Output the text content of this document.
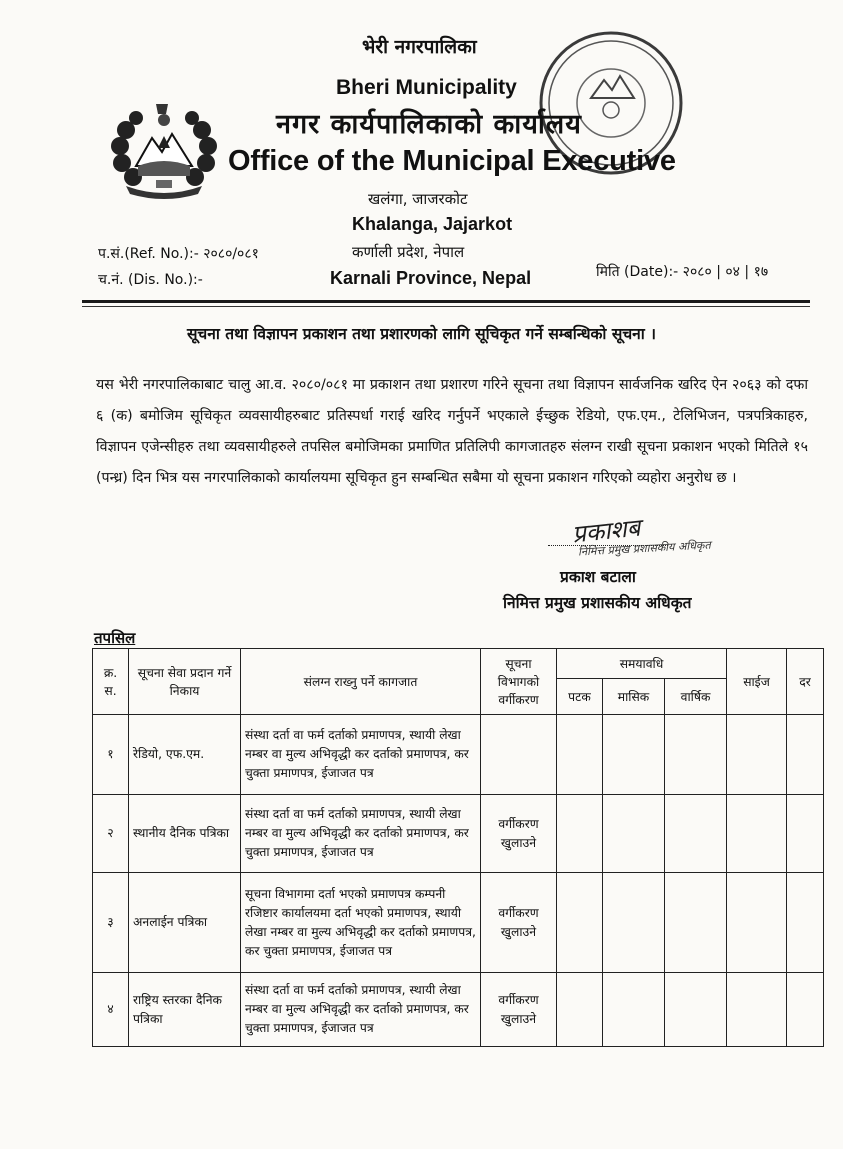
भेरी नगरपालिका
Bheri Municipality
नगर कार्यपालिकाको कार्यालय
Office of the Municipal Executive
खलंगा, जाजरकोट
Khalanga, Jajarkot
कर्णाली प्रदेश, नेपाल
Karnali Province, Nepal
प.सं.(Ref. No.):- २०८०/०८१
च.नं. (Dis. No.):-	मिति (Date):- २०८० | ०४ | १७
सूचना तथा विज्ञापन प्रकाशन तथा प्रशारणको लागि सूचिकृत गर्ने सम्बन्धिको सूचना ।
यस भेरी नगरपालिकाबाट चालु आ.व. २०८०/०८१ मा प्रकाशन तथा प्रशारण गरिने सूचना तथा विज्ञापन सार्वजनिक खरिद ऐन २०६३ को दफा ६ (क) बमोजिम सूचिकृत व्यवसायीहरुबाट प्रतिस्पर्धा गराई खरिद गर्नुपर्ने भएकाले ईच्छुक रेडियो, एफ.एम., टेलिभिजन, पत्रपत्रिकाहरु, विज्ञापन एजेन्सीहरु तथा व्यवसायीहरुले तपसिल बमोजिमका प्रमाणित प्रतिलिपी कागजातहरु संलग्न राखी सूचना प्रकाशन भएको मितिले १५ (पन्ध्र) दिन भित्र यस नगरपालिकाको कार्यालयमा सूचिकृत हुन सम्बन्धित सबैमा यो सूचना प्रकाशन गरिएको व्यहोरा अनुरोध छ ।
प्रकाशब
निमित्त प्रमुख प्रशासकीय अधिकृत
प्रकाश बटाला
निमित्त प्रमुख प्रशासकीय अधिकृत
तपसिल
क्र. स.	सूचना सेवा प्रदान गर्ने निकाय	संलग्न राख्नु पर्ने कागजात	सूचना विभागको वर्गीकरण	समयावधि			साईज	दर
				पटक	मासिक	वार्षिक		
१	रेडियो, एफ.एम.	संस्था दर्ता वा फर्म दर्ताको प्रमाणपत्र, स्थायी लेखा नम्बर वा मुल्य अभिवृद्धी कर दर्ताको प्रमाणपत्र, कर चुक्ता प्रमाणपत्र, ईजाजत पत्र						
२	स्थानीय दैनिक पत्रिका	संस्था दर्ता वा फर्म दर्ताको प्रमाणपत्र, स्थायी लेखा नम्बर वा मुल्य अभिवृद्धी कर दर्ताको प्रमाणपत्र, कर चुक्ता प्रमाणपत्र, ईजाजत पत्र	वर्गीकरण खुलाउने					
३	अनलाईन पत्रिका	सूचना विभागमा दर्ता भएको प्रमाणपत्र कम्पनी रजिष्टार कार्यालयमा दर्ता भएको प्रमाणपत्र, स्थायी लेखा नम्बर वा मुल्य अभिवृद्धी कर दर्ताको प्रमाणपत्र, कर चुक्ता प्रमाणपत्र, ईजाजत पत्र	वर्गीकरण खुलाउने					
४	राष्ट्रिय स्तरका दैनिक पत्रिका	संस्था दर्ता वा फर्म दर्ताको प्रमाणपत्र, स्थायी लेखा नम्बर वा मुल्य अभिवृद्धी कर दर्ताको प्रमाणपत्र, कर चुक्ता प्रमाणपत्र, ईजाजत पत्र	वर्गीकरण खुलाउने					
